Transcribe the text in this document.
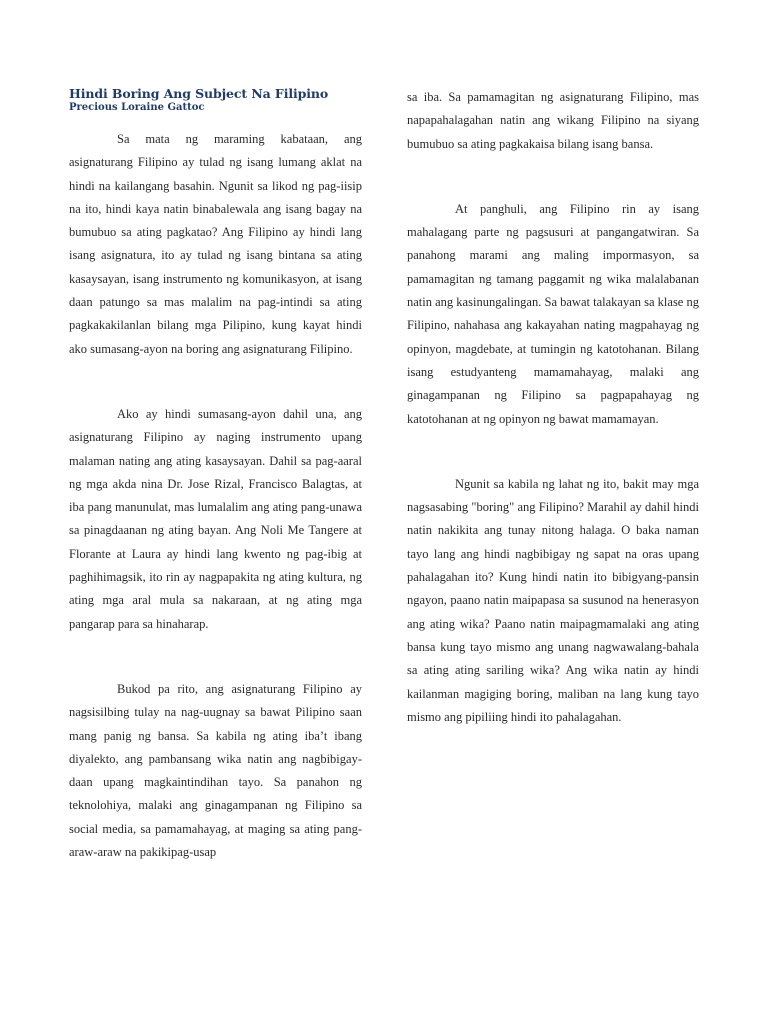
Hindi Boring Ang Subject Na Filipino
Precious Loraine Gattoc

Sa mata ng maraming kabataan, ang asignaturang Filipino ay tulad ng isang lumang aklat na hindi na kailangang basahin. Ngunit sa likod ng pag-iisip na ito, hindi kaya natin binabalewala ang isang bagay na bumubuo sa ating pagkatao? Ang Filipino ay hindi lang isang asignatura, ito ay tulad ng isang bintana sa ating kasaysayan, isang instrumento ng komunikasyon, at isang daan patungo sa mas malalim na pag-intindi sa ating pagkakakilanlan bilang mga Pilipino, kung kayat hindi ako sumasang-ayon na boring ang asignaturang Filipino.

Ako ay hindi sumasang-ayon dahil una, ang asignaturang Filipino ay naging instrumento upang malaman nating ang ating kasaysayan. Dahil sa pag-aaral ng mga akda nina Dr. Jose Rizal, Francisco Balagtas, at iba pang manunulat, mas lumalalim ang ating pang-unawa sa pinagdaanan ng ating bayan. Ang Noli Me Tangere at Florante at Laura ay hindi lang kwento ng pag-ibig at paghihimagsik, ito rin ay nagpapakita ng ating kultura, ng ating mga aral mula sa nakaraan, at ng ating mga pangarap para sa hinaharap.

Bukod pa rito, ang asignaturang Filipino ay nagsisilbing tulay na nag-uugnay sa bawat Pilipino saan mang panig ng bansa. Sa kabila ng ating iba’t ibang diyalekto, ang pambansang wika natin ang nagbibigay-daan upang magkaintindihan tayo. Sa panahon ng teknolohiya, malaki ang ginagampanan ng Filipino sa social media, sa pamamahayag, at maging sa ating pang-araw-araw na pakikipag-usap

sa iba. Sa pamamagitan ng asignaturang Filipino, mas napapahalagahan natin ang wikang Filipino na siyang bumubuo sa ating pagkakaisa bilang isang bansa.

At panghuli, ang Filipino rin ay isang mahalagang parte ng pagsusuri at pangangatwiran. Sa panahong marami ang maling impormasyon, sa pamamagitan ng tamang paggamit ng wika malalabanan natin ang kasinungalingan. Sa bawat talakayan sa klase ng Filipino, nahahasa ang kakayahan nating magpahayag ng opinyon, magdebate, at tumingin ng katotohanan. Bilang isang estudyanteng mamamahayag, malaki ang ginagampanan ng Filipino sa pagpapahayag ng katotohanan at ng opinyon ng bawat mamamayan.

Ngunit sa kabila ng lahat ng ito, bakit may mga nagsasabing "boring" ang Filipino? Marahil ay dahil hindi natin nakikita ang tunay nitong halaga. O baka naman tayo lang ang hindi nagbibigay ng sapat na oras upang pahalagahan ito? Kung hindi natin ito bibigyang-pansin ngayon, paano natin maipapasa sa susunod na henerasyon ang ating wika? Paano natin maipagmamalaki ang ating bansa kung tayo mismo ang unang nagwawalang-bahala sa ating ating sariling wika? Ang wika natin ay hindi kailanman magiging boring, maliban na lang kung tayo mismo ang pipiliing hindi ito pahalagahan.
